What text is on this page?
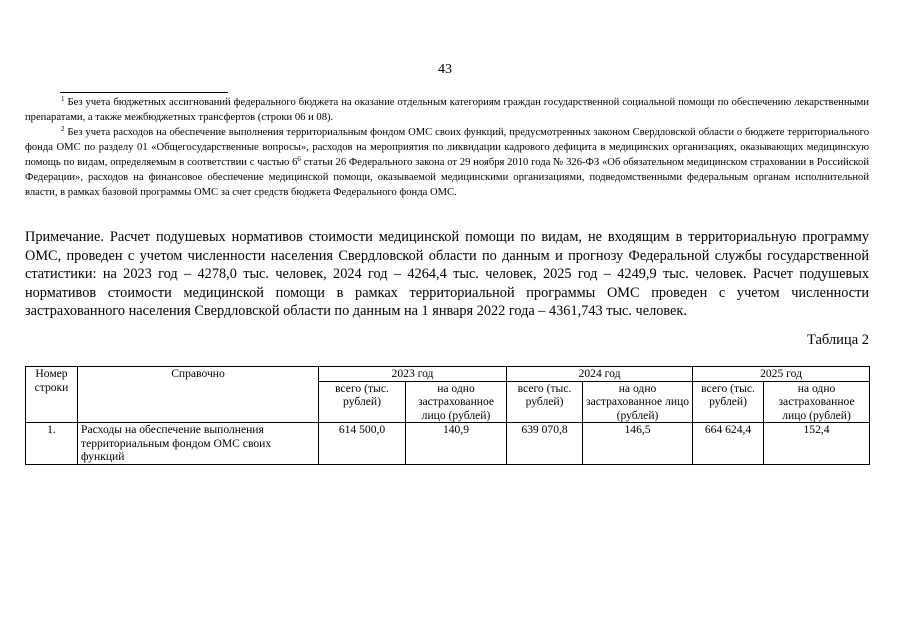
43

$^1$ Без учета бюджетных ассигнований федерального бюджета на оказание отдельным категориям граждан государственной социальной помощи по обеспечению лекарственными препаратами, а также межбюджетных трансфертов (строки 06 и 08).

$^2$ Без учета расходов на обеспечение выполнения территориальным фондом ОМС своих функций, предусмотренных законом Свердловской области о бюджете территориального фонда ОМС по разделу 01 «Общегосударственные вопросы», расходов на мероприятия по ликвидации кадрового дефицита в медицинских организациях, оказывающих медицинскую помощь по видам, определяемым в соответствии с частью $6^6$ статьи 26 Федерального закона от 29 ноября 2010 года № 326-ФЗ «Об обязательном медицинском страховании в Российской Федерации», расходов на финансовое обеспечение медицинской помощи, оказываемой медицинскими организациями, подведомственными федеральным органам исполнительной власти, в рамках базовой программы ОМС за счет средств бюджета Федерального фонда ОМС.

Примечание. Расчет подушевых нормативов стоимости медицинской помощи по видам, не входящим в территориальную программу ОМС, проведен с учетом численности населения Свердловской области по данным и прогнозу Федеральной службы государственной статистики: на 2023 год – 4278,0 тыс. человек, 2024 год – 4264,4 тыс. человек, 2025 год – 4249,9 тыс. человек. Расчет подушевых нормативов стоимости медицинской помощи в рамках территориальной программы ОМС проведен с учетом численности застрахованного населения Свердловской области по данным на 1 января 2022 года – 4361,743 тыс. человек.

Таблица 2
Номер строки	Справочно	2023 год		2024 год		2025 год	
		всего (тыс. рублей)	на одно застрахованное лицо (рублей)	всего (тыс. рублей)	на одно застрахованное лицо (рублей)	всего (тыс. рублей)	на одно застрахованное лицо (рублей)
1.	Расходы на обеспечение выполнения территориальным фондом ОМС своих функций	614 500,0	140,9	639 070,8	146,5	664 624,4	152,4
